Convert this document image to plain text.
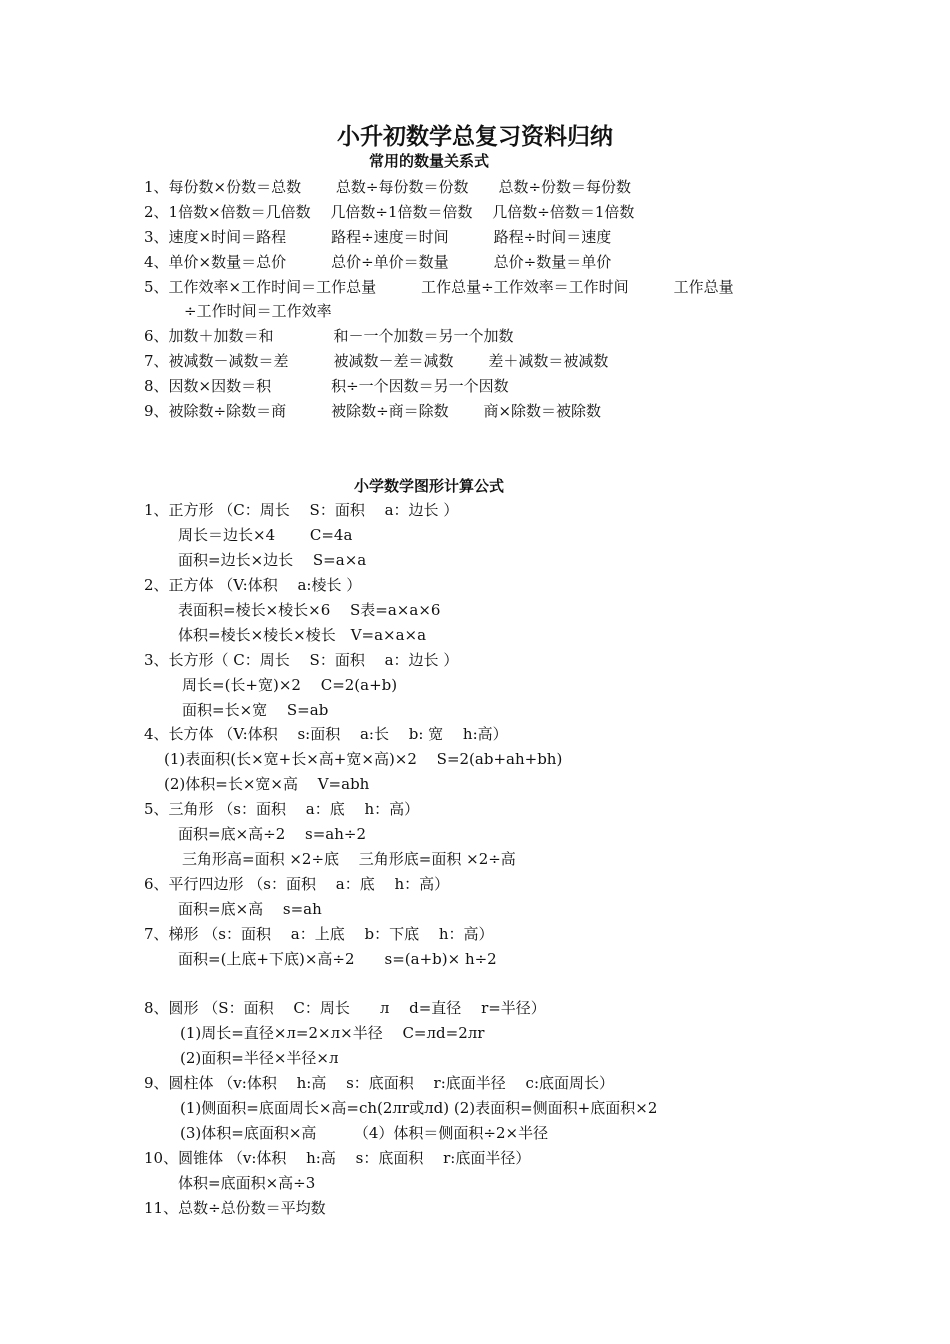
小升初数学总复习资料归纳
常用的数量关系式
1、每份数×份数＝总数　　 总数÷每份数＝份数　　总数÷份数＝每份数
2、1倍数×倍数＝几倍数　 几倍数÷1倍数＝倍数　 几倍数÷倍数＝1倍数
3、速度×时间＝路程　　　路程÷速度＝时间　　　路程÷时间＝速度
4、单价×数量＝总价　　　总价÷单价＝数量　　　总价÷数量＝单价
5、工作效率×工作时间＝工作总量　　　工作总量÷工作效率＝工作时间　　　工作总量
÷工作时间＝工作效率
6、加数＋加数＝和　　　　和－一个加数＝另一个加数
7、被减数－减数＝差　　　被减数－差＝减数　　 差＋减数＝被减数
8、因数×因数＝积　　　　积÷一个因数＝另一个因数
9、被除数÷除数＝商　　　被除数÷商＝除数　　 商×除数＝被除数
小学数学图形计算公式
1、正方形 （C：周长　 S：面积　 a：边长 ）
周长＝边长×4　　 C=4a
面积=边长×边长　 S=a×a
2、正方体 （V:体积　 a:棱长 ）
表面积=棱长×棱长×6　 S表=a×a×6
体积=棱长×棱长×棱长　V=a×a×a
3、长方形（ C：周长　 S：面积　 a：边长 ）
周长=(长+宽)×2　 C=2(a+b)
面积=长×宽　 S=ab
4、长方体 （V:体积　 s:面积　 a:长　 b: 宽　 h:高）
(1)表面积(长×宽+长×高+宽×高)×2　 S=2(ab+ah+bh)
(2)体积=长×宽×高　 V=abh
5、三角形 （s：面积　 a：底　 h：高）
面积=底×高÷2　 s=ah÷2
三角形高=面积 ×2÷底　 三角形底=面积 ×2÷高
6、平行四边形 （s：面积　 a：底　 h：高）
面积=底×高　 s=ah
7、梯形 （s：面积　 a：上底　 b：下底　 h：高）
面积=(上底+下底)×高÷2　　s=(a+b)× h÷2
8、圆形 （S：面积　 C：周长　　л　 d=直径　 r=半径）
(1)周长=直径×л=2×л×半径　 C=лd=2лr
(2)面积=半径×半径×л
9、圆柱体 （v:体积　 h:高　 s：底面积　 r:底面半径　 c:底面周长）
(1)侧面积=底面周长×高=ch(2лr或лd) (2)表面积=侧面积+底面积×2
(3)体积=底面积×高　　　（4）体积＝侧面积÷2×半径
10、圆锥体 （v:体积　 h:高　 s：底面积　 r:底面半径）
体积=底面积×高÷3
11、总数÷总份数＝平均数
